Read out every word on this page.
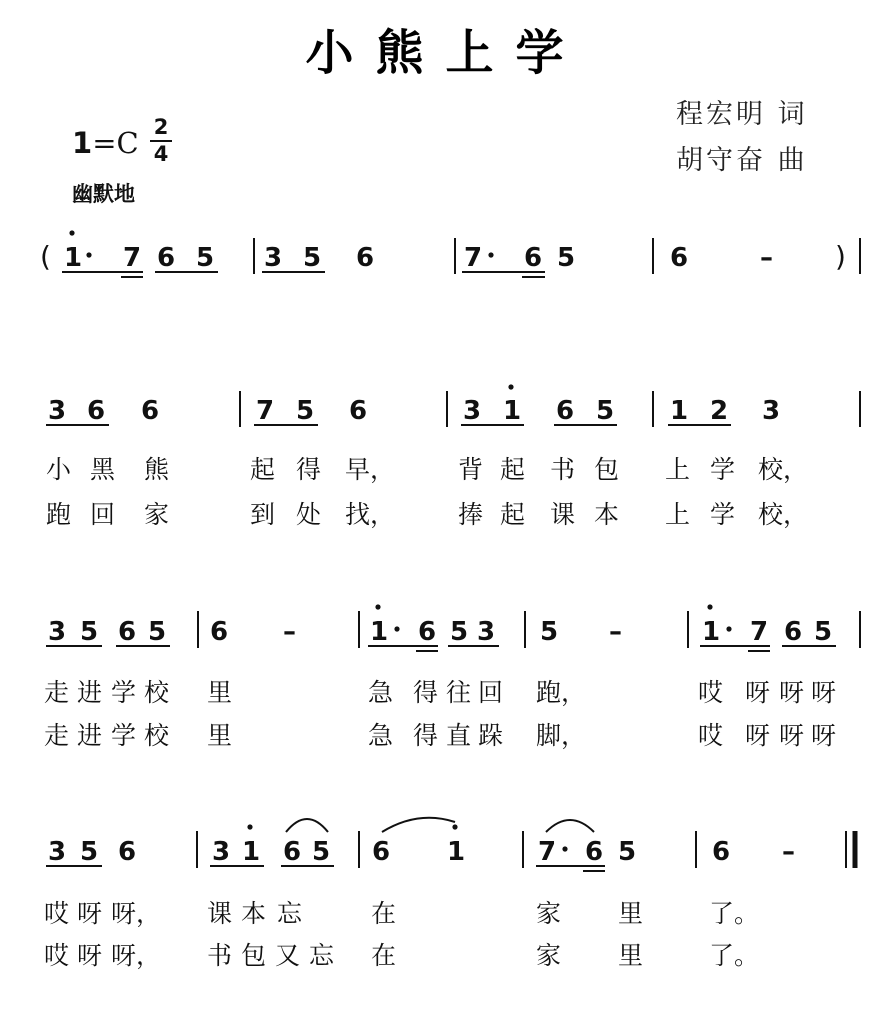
小熊上学
程宏明 词
胡守奋 曲
1=C 2
4
幽默地
( 1 7 6 5 3 5 6	7 6 5	6	– )
3 6 6	7 5 6	3 1 6 5 1 2 3
3 5 6 5 6 –	1 6 5 3 5 –	1 7 6 5
3 5 6	3 1 6 5 6 1	7 6 5	6 –
小 黑 熊	起 得 早，	背 起 书 包 上 学 校，
跑 回 家	到 处 找，	捧 起 课 本 上 学 校，
走 进 学 校 里	急 得 往 回 跑，	哎 呀 呀 呀
走 进 学 校 里	急 得 直 跺 脚，	哎 呀 呀 呀
哎 呀 呀， 课 本 忘	在	家 里	了。
哎 呀 呀， 书 包 又 忘 在	家 里	了。
